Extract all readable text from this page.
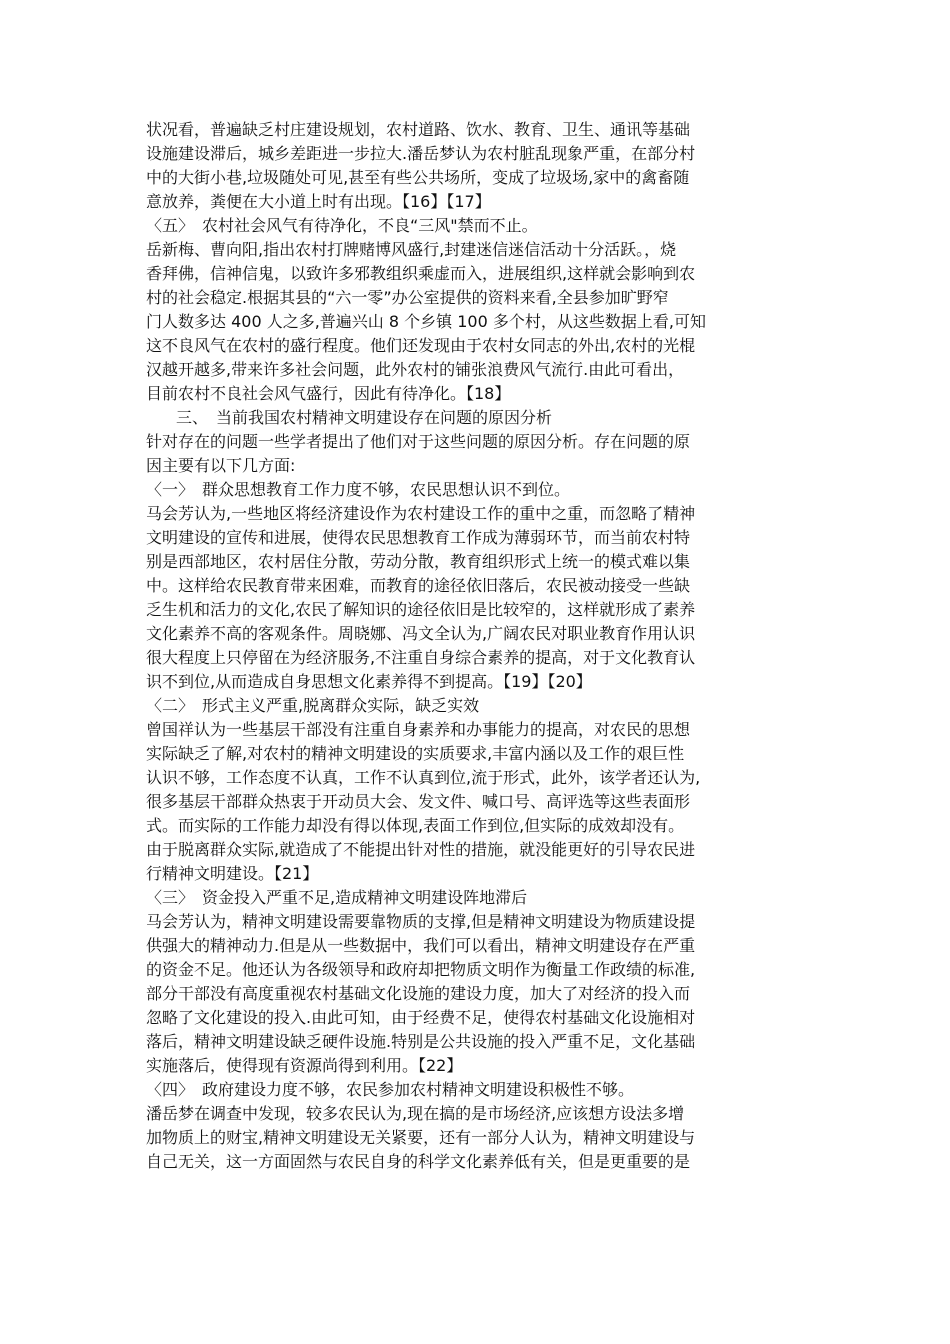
状况看，普遍缺乏村庄建设规划，农村道路、饮水、教育、卫生、通讯等基础
设施建设滞后，城乡差距进一步拉大.潘岳梦认为农村脏乱现象严重，在部分村
中的大街小巷,垃圾随处可见,甚至有些公共场所，变成了垃圾场,家中的禽畜随
意放养，粪便在大小道上时有出现。【16】【17】
〈五〉　农村社会风气有待净化，不良“三风"禁而不止。
岳新梅、曹向阳,指出农村打牌赌博风盛行,封建迷信迷信活动十分活跃。，烧
香拜佛，信神信鬼，以致许多邪教组织乘虚而入，进展组织,这样就会影响到农
村的社会稳定.根据其县的“六一零”办公室提供的资料来看,全县参加旷野窄
门人数多达 400 人之多,普遍兴山 8 个乡镇 100 多个村，从这些数据上看,可知
这不良风气在农村的盛行程度。他们还发现由于农村女同志的外出,农村的光棍
汉越开越多,带来许多社会问题，此外农村的铺张浪费风气流行.由此可看出，
目前农村不良社会风气盛行，因此有待净化。【18】
三、　当前我国农村精神文明建设存在问题的原因分析
针对存在的问题一些学者提出了他们对于这些问题的原因分析。存在问题的原
因主要有以下几方面:
〈一〉　群众思想教育工作力度不够，农民思想认识不到位。
马会芳认为,一些地区将经济建设作为农村建设工作的重中之重，而忽略了精神
文明建设的宣传和进展，使得农民思想教育工作成为薄弱环节，而当前农村特
别是西部地区，农村居住分散，劳动分散，教育组织形式上统一的模式难以集
中。这样给农民教育带来困难，而教育的途径依旧落后，农民被动接受一些缺
乏生机和活力的文化,农民了解知识的途径依旧是比较窄的，这样就形成了素养
文化素养不高的客观条件。周晓娜、冯文全认为,广阔农民对职业教育作用认识
很大程度上只停留在为经济服务,不注重自身综合素养的提高，对于文化教育认
识不到位,从而造成自身思想文化素养得不到提高。【19】【20】
〈二〉　形式主义严重,脱离群众实际，缺乏实效
曾国祥认为一些基层干部没有注重自身素养和办事能力的提高，对农民的思想
实际缺乏了解,对农村的精神文明建设的实质要求,丰富内涵以及工作的艰巨性
认识不够，工作态度不认真，工作不认真到位,流于形式，此外，该学者还认为,
很多基层干部群众热衷于开动员大会、发文件、喊口号、高评选等这些表面形
式。而实际的工作能力却没有得以体现,表面工作到位,但实际的成效却没有。
由于脱离群众实际,就造成了不能提出针对性的措施，就没能更好的引导农民进
行精神文明建设。【21】
〈三〉　资金投入严重不足,造成精神文明建设阵地滞后
马会芳认为，精神文明建设需要靠物质的支撑,但是精神文明建设为物质建设提
供强大的精神动力.但是从一些数据中，我们可以看出，精神文明建设存在严重
的资金不足。他还认为各级领导和政府却把物质文明作为衡量工作政绩的标准,
部分干部没有高度重视农村基础文化设施的建设力度，加大了对经济的投入而
忽略了文化建设的投入.由此可知，由于经费不足，使得农村基础文化设施相对
落后，精神文明建设缺乏硬件设施.特别是公共设施的投入严重不足，文化基础
实施落后，使得现有资源尚得到利用。【22】
〈四〉　政府建设力度不够，农民参加农村精神文明建设积极性不够。
潘岳梦在调查中发现，较多农民认为,现在搞的是市场经济,应该想方设法多增
加物质上的财宝,精神文明建设无关紧要，还有一部分人认为，精神文明建设与
自己无关，这一方面固然与农民自身的科学文化素养低有关，但是更重要的是
